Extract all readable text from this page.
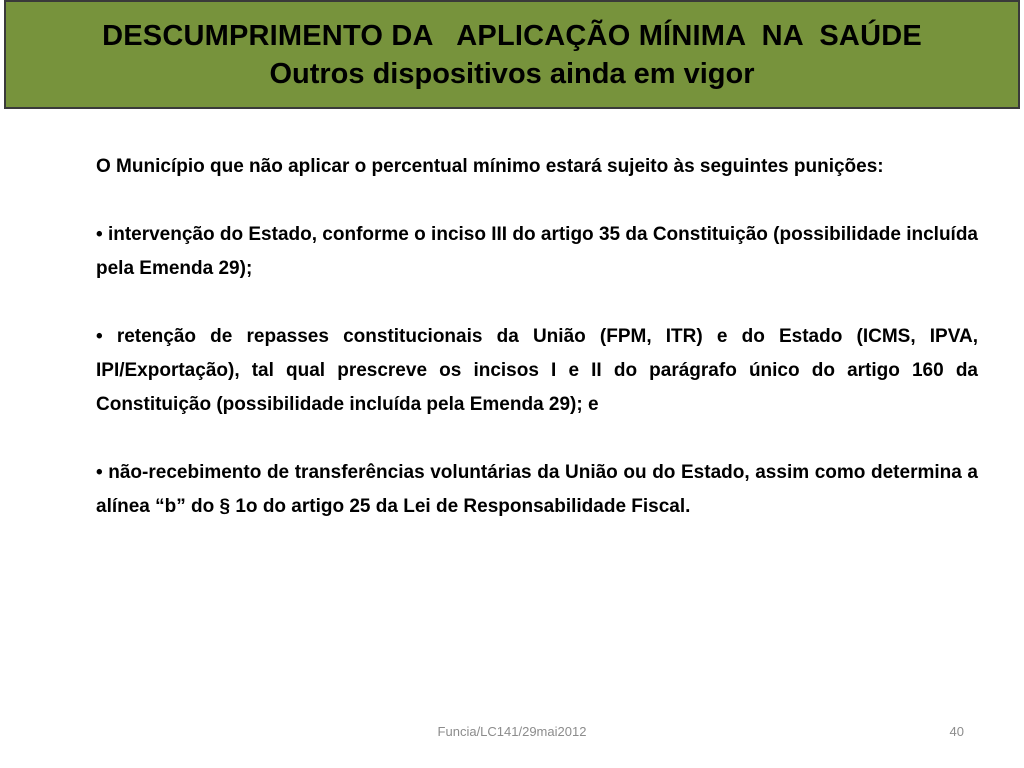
DESCUMPRIMENTO DA   APLICAÇÃO MÍNIMA  NA  SAÚDE
Outros dispositivos ainda em vigor

O Município que não aplicar o percentual mínimo estará sujeito às seguintes punições:

• intervenção do Estado, conforme o inciso III do artigo 35 da Constituição (possibilidade incluída pela Emenda 29);

• retenção de repasses constitucionais da União (FPM, ITR) e do Estado (ICMS, IPVA, IPI/Exportação), tal qual prescreve os incisos I e II do parágrafo único do artigo 160 da Constituição (possibilidade incluída pela Emenda 29); e

• não-recebimento de transferências voluntárias da União ou do Estado, assim como determina a alínea “b” do § 1o do artigo 25 da Lei de Responsabilidade Fiscal.

Funcia/LC141/29mai2012	40
